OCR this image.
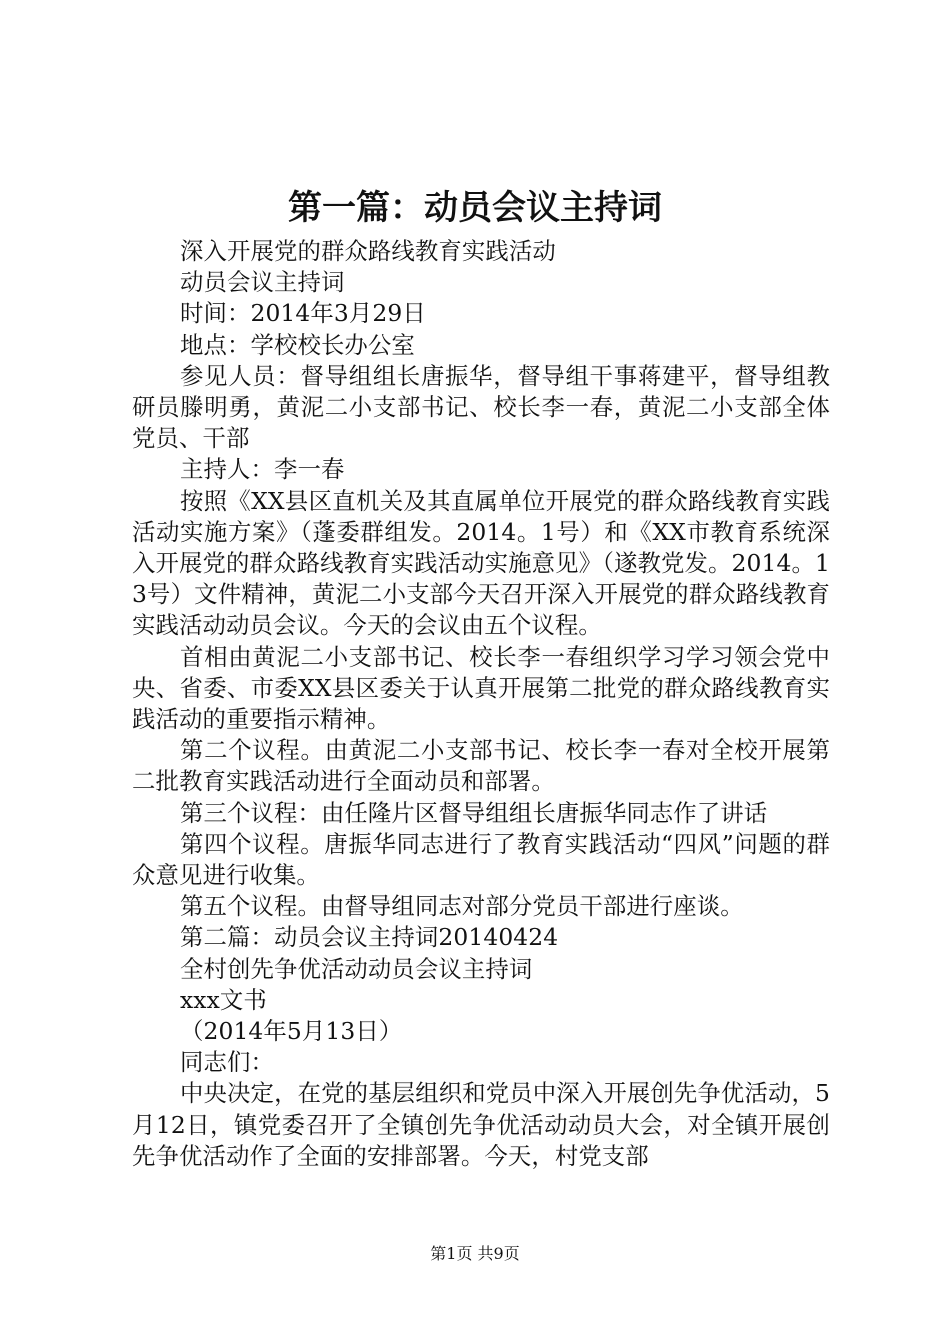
第一篇：动员会议主持词

深入开展党的群众路线教育实践活动

动员会议主持词

时间：2014年3月29日

地点：学校校长办公室

参见人员：督导组组长唐振华，督导组干事蒋建平，督导组教研员滕明勇，黄泥二小支部书记、校长李一春，黄泥二小支部全体党员、干部

主持人：李一春

按照《XX县区直机关及其直属单位开展党的群众路线教育实践活动实施方案》（蓬委群组发。2014。1号）和《XX市教育系统深入开展党的群众路线教育实践活动实施意见》（遂教党发。2014。13号）文件精神，黄泥二小支部今天召开深入开展党的群众路线教育实践活动动员会议。今天的会议由五个议程。

首相由黄泥二小支部书记、校长李一春组织学习学习领会党中央、省委、市委XX县区委关于认真开展第二批党的群众路线教育实践活动的重要指示精神。

第二个议程。由黄泥二小支部书记、校长李一春对全校开展第二批教育实践活动进行全面动员和部署。

第三个议程：由任隆片区督导组组长唐振华同志作了讲话

第四个议程。唐振华同志进行了教育实践活动“四风”问题的群众意见进行收集。

第五个议程。由督导组同志对部分党员干部进行座谈。

第二篇：动员会议主持词20140424

全村创先争优活动动员会议主持词

xxx文书

（2014年5月13日）

同志们：

中央决定，在党的基层组织和党员中深入开展创先争优活动，5月12日，镇党委召开了全镇创先争优活动动员大会，对全镇开展创先争优活动作了全面的安排部署。今天，村党支部

第1页 共9页
